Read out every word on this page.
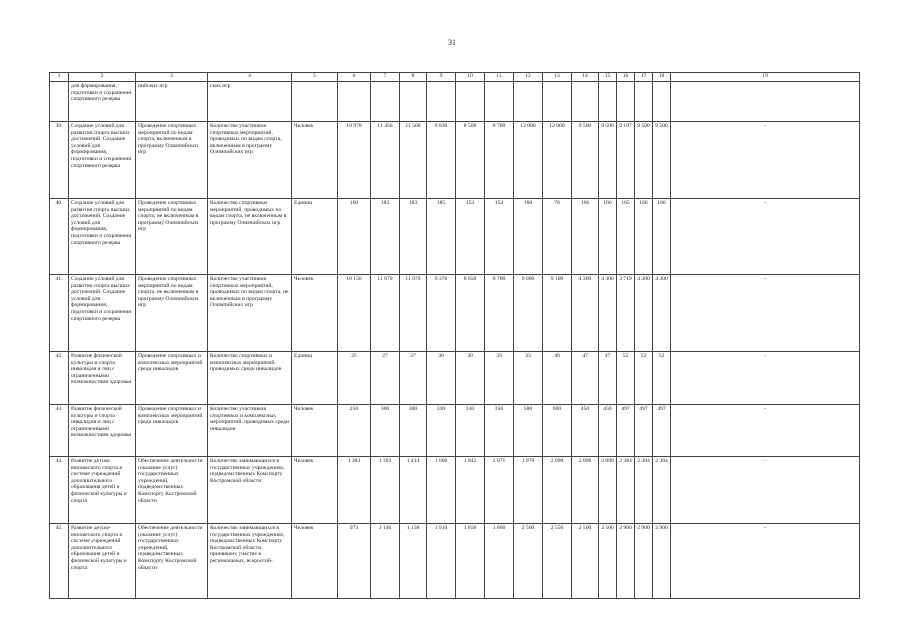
31
1	2	3	4	5	6	7	8	9	10	11	12	13	14	15	16	17	18	19
	для формирования, подготовки и сохранения спортивного резерва	пийских игр	ских игр															
39.	Создание условий для развития спорта высших достижений. Создание условий для формирования, подготовки и сохранения спортивного резерва	Проведение спортивных мероприятий по видам спорта, включенным в программу Олимпийских игр	Количество участников спортивных мероприятий, проводимых по видам спорта, включенным в программу Олимпийских игр	Человек	10 978	11 456	11 500	9 830	8 500	8 700	12 000	12 000	9 500	9 500	9 197	9 500	9 500	-
40.	Создание условий для развития спорта высших достижений. Создание условий для формирования, подготовки и сохранения спортивного резерва	Проведение спортивных мероприятий по видам спорта, не включенным в программу Олимпийских игр	Количество спортивных мероприятий, проводимых по видам спорта, не включенным в программу Олимпийских игр	Единиц	160	183	183	185	153	154	160	78	166	166	105	166	166	-
41.	Создание условий для развития спорта высших достижений. Создание условий для формирования, подготовки и сохранения спортивного резерва	Проведение спортивных мероприятий по видам спорта, не включенным в программу Олимпийских игр	Количество участников спортивных мероприятий, проводимых по видам спорта, не включенным в программу Олимпийских игр	Человек	10 156	11 070	11 070	9 370	8 650	8 700	9 000	9 100	4 300	4 300	3 719	4 300	4 300	-
42.	Развитие физической культуры и спорта инвалидов и лиц с ограниченными возможностями здоровья	Проведение спортивных и комплексных мероприятий среди инвалидов	Количество спортивных и комплексных мероприятий, проводимых среди инвалидов	Единиц	25	27	27	30	30	33	33	40	47	47	52	52	52	-
43.	Развитие физической культуры и спорта инвалидов и лиц с ограниченными возможностями здоровья	Проведение спортивных и комплексных мероприятий среди инвалидов	Количество участников спортивных и комплексных мероприятий, проводимых среди инвалидов	Человек	250	300	300	330	330	350	580	600	450	450	497	497	497	-
44.	Развитие детско-юношеского спорта в системе учреждений дополнительного образования детей и физической культуры и спорта	Обеспечение деятельности (оказание услуг) государственных учреждений, подведомственных Комспорту Костромской области	Количество занимающихся в государственных учреждениях, подведомственных Комспорту Костромской области	Человек	1 383	1 393	1 414	1 600	1 845	2 071	1 970	2 090	2 090	2 090	2 384	2 384	2 384	-
45.	Развитие детско-юношеского спорта в системе учреждений дополнительного образования детей и физической культуры и спорта	Обеспечение деятельности (оказание услуг) государственных учреждений, подведомственных Комспорту Костромской области	Количество занимающихся в государственных учреждениях, подведомственных Комспорту Костромской области, принявших участие в региональных, всероссий-	Человек	973	1 146	1 158	1 910	1 850	1 860	2 500	2 550	2 500	2 500	2 900	2 900	2 900	-
